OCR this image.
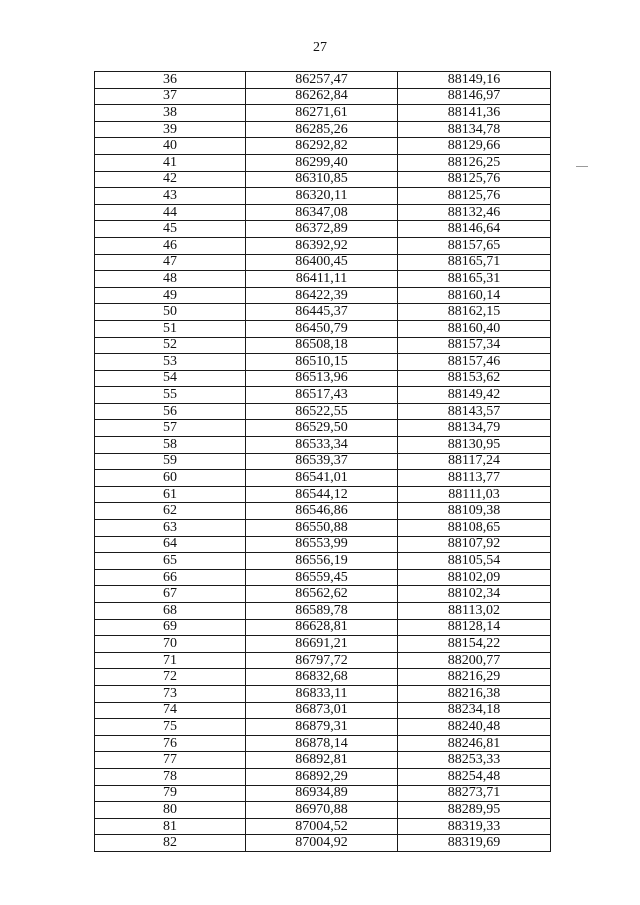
27
36	86257,47	88149,16
37	86262,84	88146,97
38	86271,61	88141,36
39	86285,26	88134,78
40	86292,82	88129,66
41	86299,40	88126,25
42	86310,85	88125,76
43	86320,11	88125,76
44	86347,08	88132,46
45	86372,89	88146,64
46	86392,92	88157,65
47	86400,45	88165,71
48	86411,11	88165,31
49	86422,39	88160,14
50	86445,37	88162,15
51	86450,79	88160,40
52	86508,18	88157,34
53	86510,15	88157,46
54	86513,96	88153,62
55	86517,43	88149,42
56	86522,55	88143,57
57	86529,50	88134,79
58	86533,34	88130,95
59	86539,37	88117,24
60	86541,01	88113,77
61	86544,12	88111,03
62	86546,86	88109,38
63	86550,88	88108,65
64	86553,99	88107,92
65	86556,19	88105,54
66	86559,45	88102,09
67	86562,62	88102,34
68	86589,78	88113,02
69	86628,81	88128,14
70	86691,21	88154,22
71	86797,72	88200,77
72	86832,68	88216,29
73	86833,11	88216,38
74	86873,01	88234,18
75	86879,31	88240,48
76	86878,14	88246,81
77	86892,81	88253,33
78	86892,29	88254,48
79	86934,89	88273,71
80	86970,88	88289,95
81	87004,52	88319,33
82	87004,92	88319,69
